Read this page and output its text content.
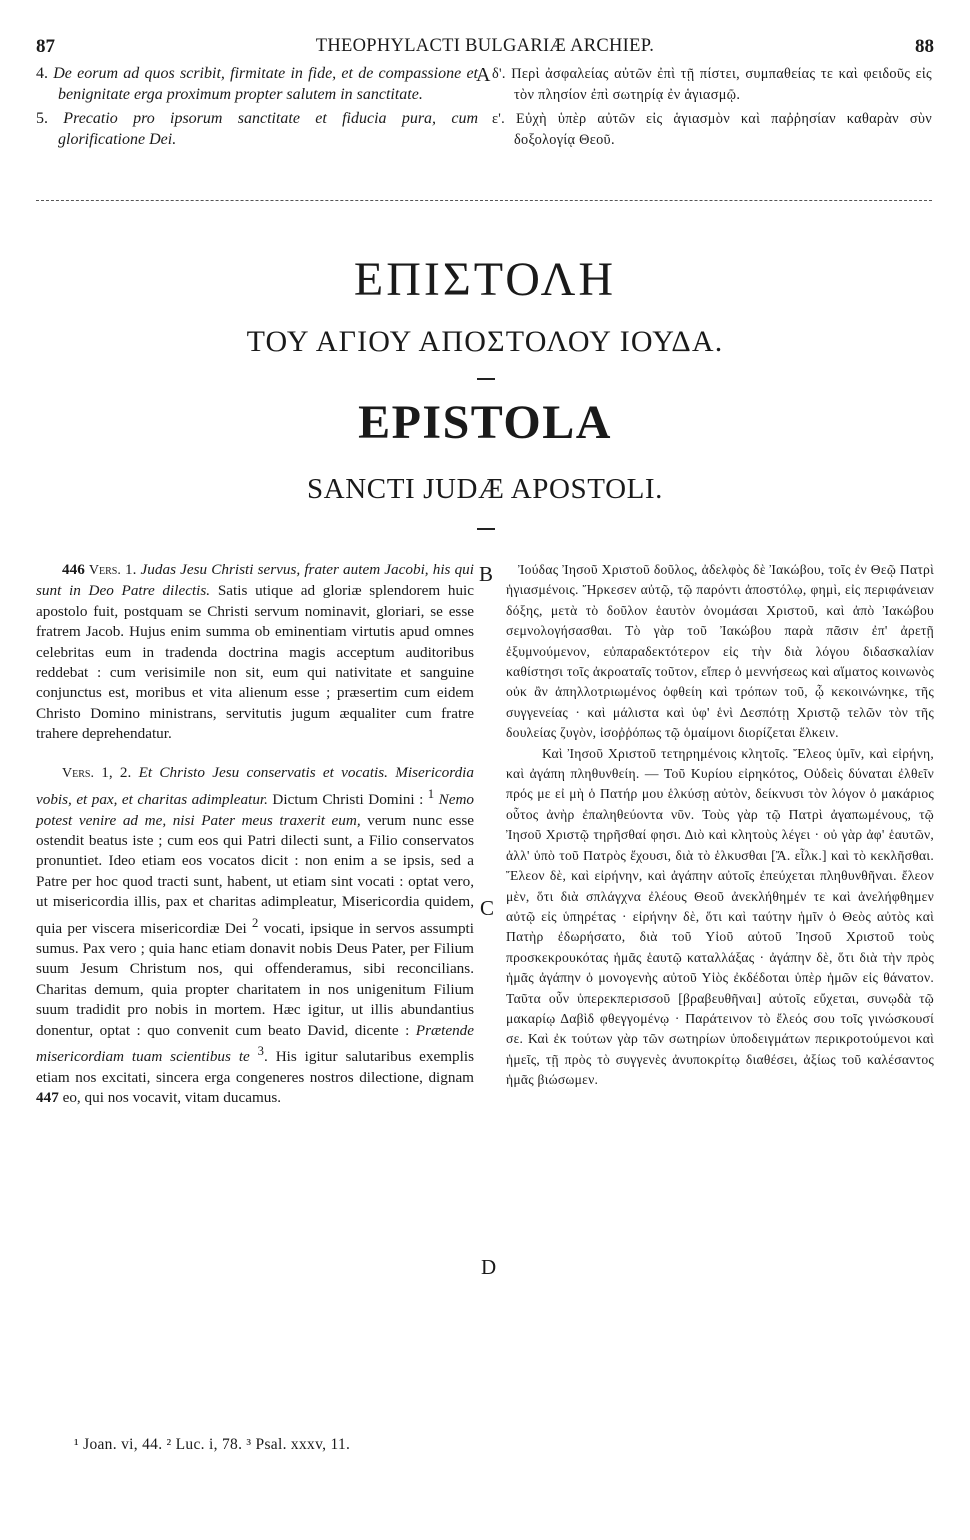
87	THEOPHYLACTI BULGARIÆ ARCHIEP.	88

4. De eorum ad quos scribit, firmitate in fide, et de compassione et benignitate erga proximum propter salutem in sanctitate.

5. Precatio pro ipsorum sanctitate et fiducia pura, cum glorificatione Dei.

δ'. Περὶ ἀσφαλείας αὐτῶν ἐπὶ τῇ πίστει, συμπαθείας τε καὶ φειδοῦς εἰς τὸν πλησίον ἐπὶ σωτηρίᾳ ἐν ἁγιασμῷ.

ε'. Εὐχὴ ὑπὲρ αὐτῶν εἰς ἁγιασμὸν καὶ παῤῥησίαν καθαρὰν σὺν δοξολογίᾳ Θεοῦ.

A
ΕΠΙΣΤΟΛΗ
ΤΟΥ ΑΓΙΟΥ ΑΠΟΣΤΟΛΟΥ ΙΟΥΔΑ.
EPISTOLA
SANCTI JUDÆ APOSTOLI.

446 Vers. 1. Judas Jesu Christi servus, frater autem Jacobi, his qui sunt in Deo Patre dilectis. Satis utique ad gloriæ splendorem huic apostolo fuit, postquam se Christi servum nominavit, gloriari, se esse fratrem Jacob. Hujus enim summa ob eminentiam virtutis apud omnes celebritas eum in tradenda doctrina magis acceptum auditoribus reddebat : cum verisimile non sit, eum qui nativitate et sanguine conjunctus est, moribus et vita alienum esse ; præsertim cum eidem Christo Domino ministrans, servitutis jugum æqualiter cum fratre trahere deprehendatur.

Vers. 1, 2. Et Christo Jesu conservatis et vocatis. Misericordia vobis, et pax, et charitas adimpleatur. Dictum Christi Domini : $^1$ Nemo potest venire ad me, nisi Pater meus traxerit eum, verum nunc esse ostendit beatus iste ; cum eos qui Patri dilecti sunt, a Filio conservatos pronuntiet. Ideo etiam eos vocatos dicit : non enim a se ipsis, sed a Patre per hoc quod tracti sunt, habent, ut etiam sint vocati : optat vero, ut misericordia illis, pax et charitas adimpleatur, Misericordia quidem, quia per viscera misericordiæ Dei $^2$ vocati, ipsique in servos assumpti sumus. Pax vero ; quia hanc etiam donavit nobis Deus Pater, per Filium suum Jesum Christum nos, qui offenderamus, sibi reconcilians. Charitas demum, quia propter charitatem in nos unigenitum Filium suum tradidit pro nobis in mortem. Hæc igitur, ut illis abundantius donentur, optat : quo convenit cum beato David, dicente : Prætende misericordiam tuam scientibus te $^3$. His igitur salutaribus exemplis etiam nos excitati, sincera erga congeneres nostros dilectione, dignam 447 eo, qui nos vocavit, vitam ducamus.

B
C
D

Ἰούδας Ἰησοῦ Χριστοῦ δοῦλος, ἀδελφὸς δὲ Ἰακώβου, τοῖς ἐν Θεῷ Πατρὶ ἡγιασμένοις. Ἤρκεσεν αὐτῷ, τῷ παρόντι ἀποστόλῳ, φημὶ, εἰς περιφάνειαν δόξης, μετὰ τὸ δοῦλον ἑαυτὸν ὀνομάσαι Χριστοῦ, καὶ ἀπὸ Ἰακώβου σεμνολογήσασθαι. Τὸ γὰρ τοῦ Ἰακώβου παρὰ πᾶσιν ἐπ' ἀρετῇ ἐξυμνούμενον, εὐπαραδεκτότερον εἰς τὴν διὰ λόγου διδασκαλίαν καθίστησι τοῖς ἀκροαταῖς τοῦτον, εἴπερ ὁ μεννήσεως καὶ αἵματος κοινωνὸς οὐκ ἂν ἀπηλλοτριωμένος ὀφθείη καὶ τρόπων τοῦ, ᾧ κεκοινώνηκε, τῆς συγγενείας · καὶ μάλιστα καὶ ὑφ' ἑνὶ Δεσπότῃ Χριστῷ τελῶν τὸν τῆς δουλείας ζυγὸν, ἰσοῤῥόπως τῷ ὁμαίμονι διορίζεται ἕλκειν.

Καὶ Ἰησοῦ Χριστοῦ τετηρημένοις κλητοῖς. Ἔλεος ὑμῖν, καὶ εἰρήνη, καὶ ἀγάπη πληθυνθείη. — Τοῦ Κυρίου εἰρηκότος, Οὐδεὶς δύναται ἐλθεῖν πρός με εἰ μὴ ὁ Πατήρ μου ἑλκύσῃ αὐτὸν, δείκνυσι τὸν λόγον ὁ μακάριος οὗτος ἀνὴρ ἐπαληθεύοντα νῦν. Τοὺς γὰρ τῷ Πατρὶ ἀγαπωμένους, τῷ Ἰησοῦ Χριστῷ τηρῆσθαί φησι. Διὸ καὶ κλητοὺς λέγει · οὐ γὰρ ἀφ' ἑαυτῶν, ἀλλ' ὑπὸ τοῦ Πατρὸς ἔχουσι, διὰ τὸ ἑλκυσθαι [Ἄ. εἷλκ.] καὶ τὸ κεκλῆσθαι. Ἔλεον δὲ, καὶ εἰρήνην, καὶ ἀγάπην αὐτοῖς ἐπεύχεται πληθυνθῆναι. ἔλεον μὲν, ὅτι διὰ σπλάγχνα ἐλέους Θεοῦ ἀνεκλήθημέν τε καὶ ἀνελήφθημεν αὐτῷ εἰς ὑπηρέτας · εἰρήνην δὲ, ὅτι καὶ ταύτην ἡμῖν ὁ Θεὸς αὐτὸς καὶ Πατὴρ ἐδωρήσατο, διὰ τοῦ Υἱοῦ αὐτοῦ Ἰησοῦ Χριστοῦ τοὺς προσκεκρουκότας ἡμᾶς ἑαυτῷ καταλλάξας · ἀγάπην δὲ, ὅτι διὰ τὴν πρὸς ἡμᾶς ἀγάπην ὁ μονογενὴς αὐτοῦ Υἱὸς ἐκδέδοται ὑπὲρ ἡμῶν εἰς θάνατον. Ταῦτα οὖν ὑπερεκπερισσοῦ [βραβευθῆναι] αὐτοῖς εὔχεται, συνῳδὰ τῷ μακαρίῳ Δαβὶδ φθεγγομένῳ · Παράτεινον τὸ ἔλεός σου τοῖς γινώσκουσί σε. Καὶ ἐκ τούτων γὰρ τῶν σωτηρίων ὑποδειγμάτων περικροτούμενοι καὶ ἡμεῖς, τῇ πρὸς τὸ συγγενὲς ἀνυποκρίτῳ διαθέσει, ἀξίως τοῦ καλέσαντος ἡμᾶς βιώσωμεν.

¹ Joan. vi, 44. ² Luc. i, 78. ³ Psal. xxxv, 11.
